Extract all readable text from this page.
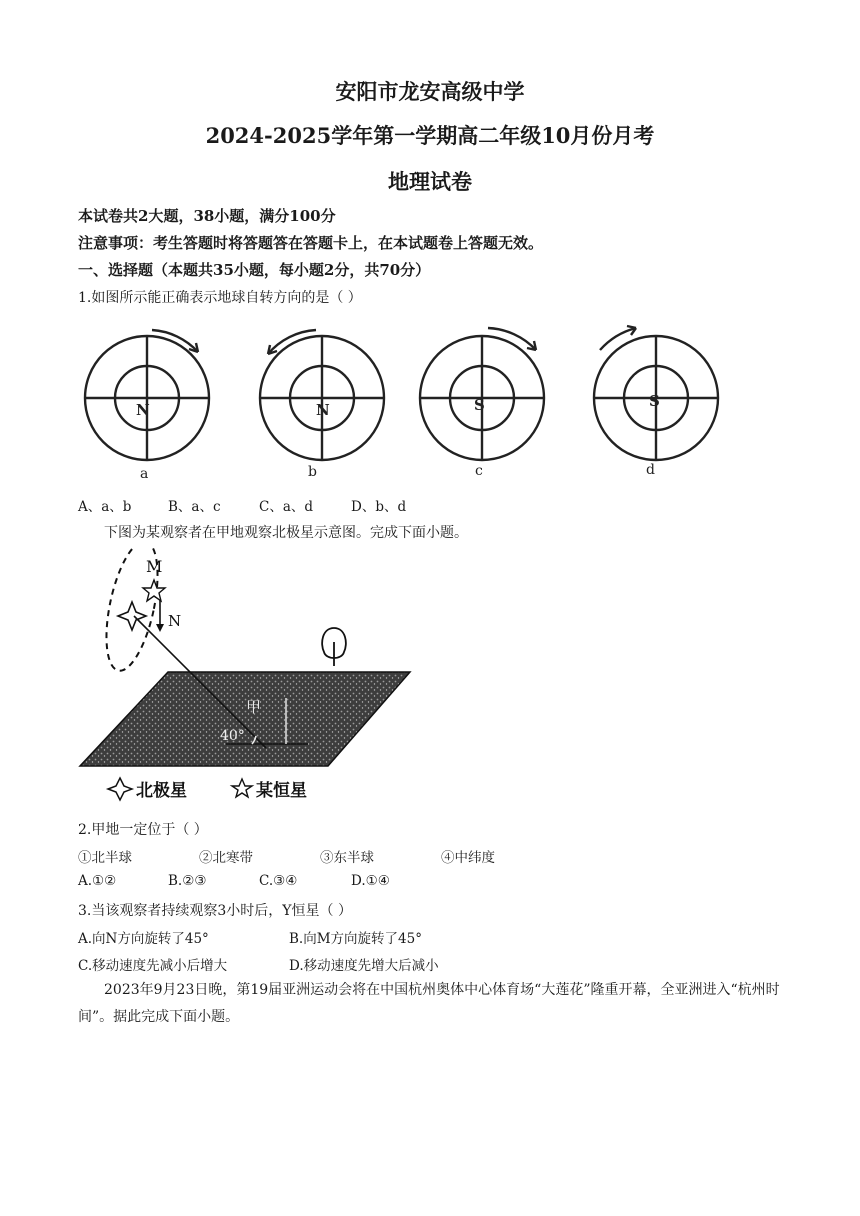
安阳市龙安高级中学
2024-2025学年第一学期高二年级10月份月考
地理试卷
本试卷共2大题，38小题，满分100分
注意事项：考生答题时将答题答在答题卡上，在本试题卷上答题无效。
一、选择题（本题共35小题，每小题2分，共70分）
1.如图所示能正确表示地球自转方向的是（ ）
N	N	S	S
a	b	c	d
A、a、b	B、a、c	C、a、d	D、b、d
下图为某观察者在甲地观察北极星示意图。完成下面小题。
M
N
甲
40°
北极星	某恒星
2.甲地一定位于（ ）
①北半球	②北寒带	③东半球	④中纬度
A.①②	B.②③	C.③④	D.①④
3.当该观察者持续观察3小时后，Y恒星（ ）
A.向N方向旋转了45°	B.向M方向旋转了45°
C.移动速度先减小后增大	D.移动速度先增大后减小
2023年9月23日晚，第19届亚洲运动会将在中国杭州奥体中心体育场“大莲花”隆重开幕，全亚洲进入“杭州时间”。据此完成下面小题。
